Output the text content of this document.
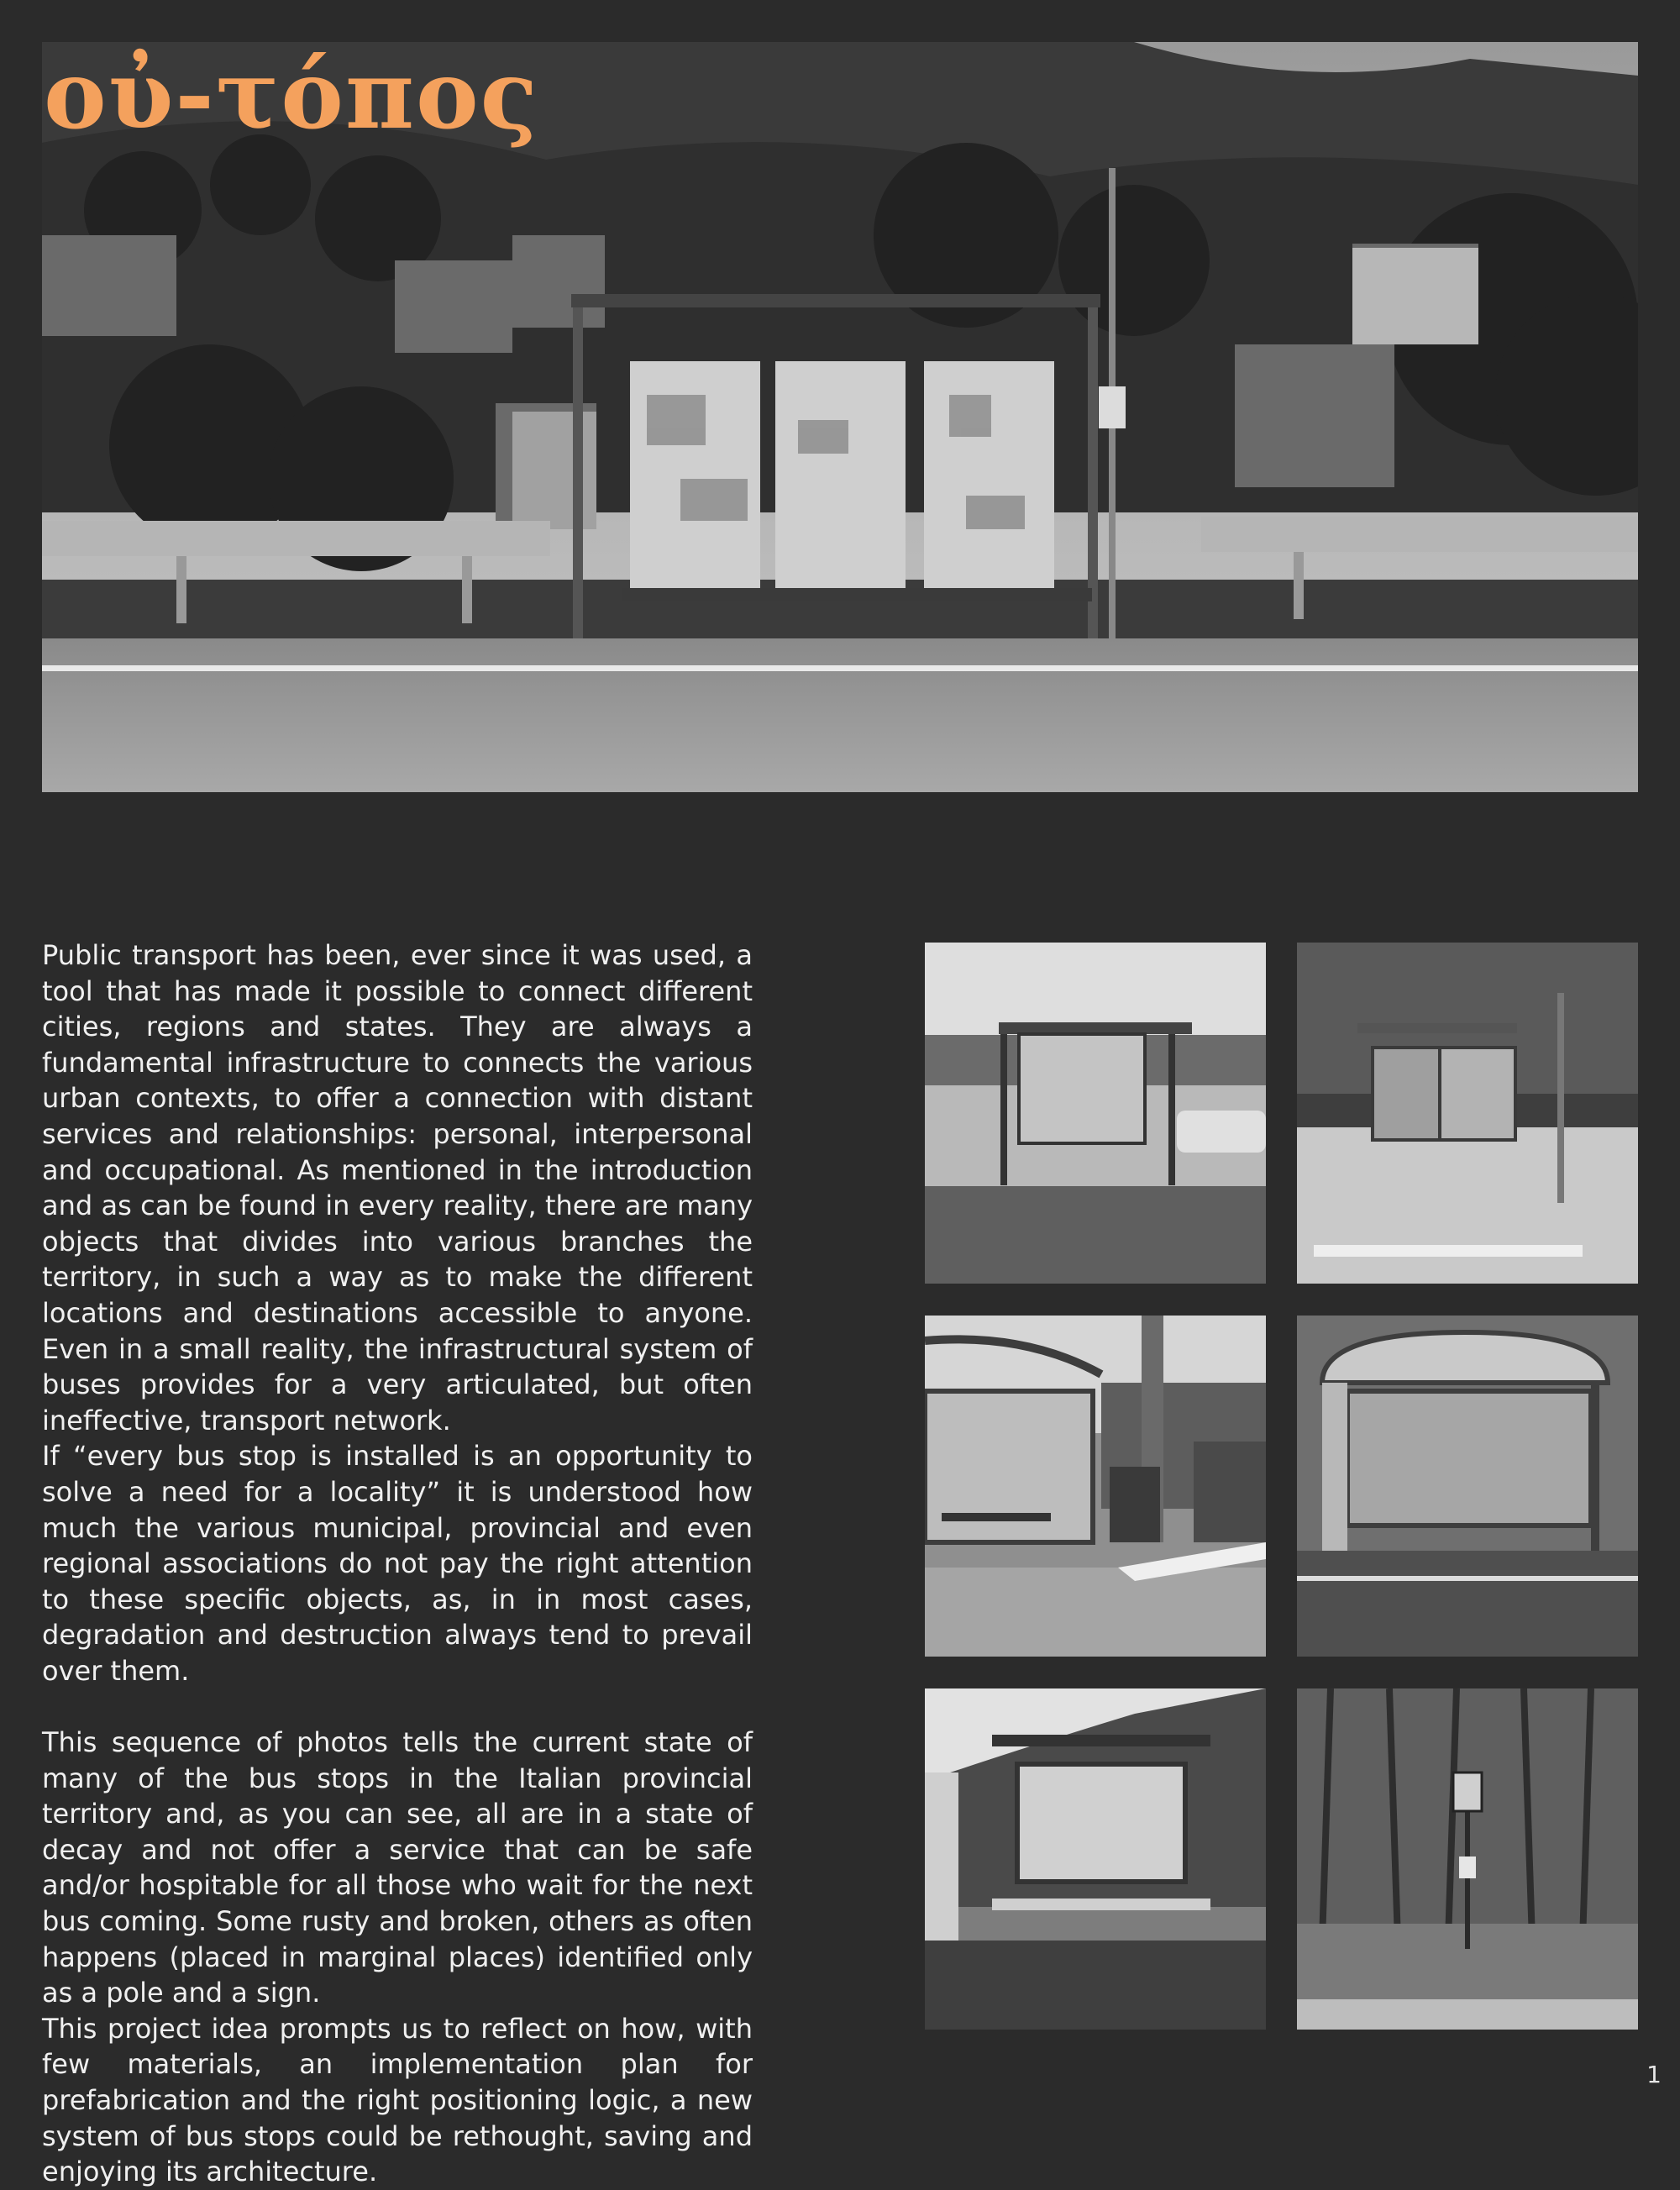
οὐ-τόπος

Public transport has been, ever since it was used, a tool that has made it possible to connect different cities, regions and states. They are always a fundamental infrastructure to connects the various urban contexts, to offer a connection with distant services and relationships: personal, interpersonal and occupational. As mentioned in the introduction and as can be found in every reality, there are many objects that divides into various branches the territory, in such a way as to make the different locations and destinations accessible to anyone. Even in a small reality, the infrastructural system of buses provides for a very articulated, but often ineffective, transport network.

If “every bus stop is installed is an opportunity to solve a need for a locality” it is understood how much the various municipal, provincial and even regional associations do not pay the right attention to these specific objects, as, in in most cases, degradation and destruction always tend to prevail over them.

This sequence of photos tells the current state of many of the bus stops in the Italian provincial territory and, as you can see, all are in a state of decay and not offer a service that can be safe and/or hospitable for all those who wait for the next bus coming. Some rusty and broken, others as often happens (placed in marginal places) identified only as a pole and a sign.

This project idea prompts us to reflect on how, with few materials, an implementation plan for prefabrication and the right positioning logic, a new system of bus stops could be rethought, saving and enjoying its architecture.

1
